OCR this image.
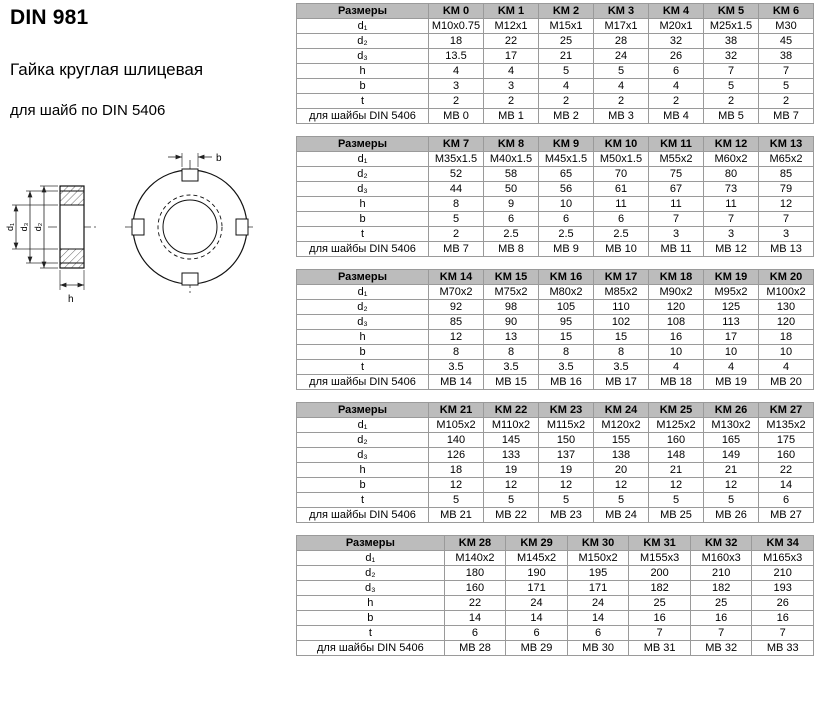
DIN 981
Гайка круглая шлицевая
для шайб по DIN 5406
d₂
d₃
d₁
h
b
Размеры	KM 0	KM 1	KM 2	KM 3	KM 4	KM 5	KM 6
d₁	M10x0.75	M12x1	M15x1	M17x1	M20x1	M25x1.5	M30
d₂	18	22	25	28	32	38	45
d₃	13.5	17	21	24	26	32	38
h	4	4	5	5	6	7	7
b	3	3	4	4	4	5	5
t	2	2	2	2	2	2	2
для шайбы DIN 5406	MB 0	MB 1	MB 2	MB 3	MB 4	MB 5	MB 7
Размеры	KM 7	KM 8	KM 9	KM 10	KM 11	KM 12	KM 13
d₁	M35x1.5	M40x1.5	M45x1.5	M50x1.5	M55x2	M60x2	M65x2
d₂	52	58	65	70	75	80	85
d₃	44	50	56	61	67	73	79
h	8	9	10	11	11	11	12
b	5	6	6	6	7	7	7
t	2	2.5	2.5	2.5	3	3	3
для шайбы DIN 5406	MB 7	MB 8	MB 9	MB 10	MB 11	MB 12	MB 13
Размеры	KM 14	KM 15	KM 16	KM 17	KM 18	KM 19	KM 20
d₁	M70x2	M75x2	M80x2	M85x2	M90x2	M95x2	M100x2
d₂	92	98	105	110	120	125	130
d₃	85	90	95	102	108	113	120
h	12	13	15	15	16	17	18
b	8	8	8	8	10	10	10
t	3.5	3.5	3.5	3.5	4	4	4
для шайбы DIN 5406	MB 14	MB 15	MB 16	MB 17	MB 18	MB 19	MB 20
Размеры	KM 21	KM 22	KM 23	KM 24	KM 25	KM 26	KM 27
d₁	M105x2	M110x2	M115x2	M120x2	M125x2	M130x2	M135x2
d₂	140	145	150	155	160	165	175
d₃	126	133	137	138	148	149	160
h	18	19	19	20	21	21	22
b	12	12	12	12	12	12	14
t	5	5	5	5	5	5	6
для шайбы DIN 5406	MB 21	MB 22	MB 23	MB 24	MB 25	MB 26	MB 27
Размеры	KM 28	KM 29	KM 30	KM 31	KM 32	KM 34
d₁	M140x2	M145x2	M150x2	M155x3	M160x3	M165x3
d₂	180	190	195	200	210	210
d₃	160	171	171	182	182	193
h	22	24	24	25	25	26
b	14	14	14	16	16	16
t	6	6	6	7	7	7
для шайбы DIN 5406	MB 28	MB 29	MB 30	MB 31	MB 32	MB 33
